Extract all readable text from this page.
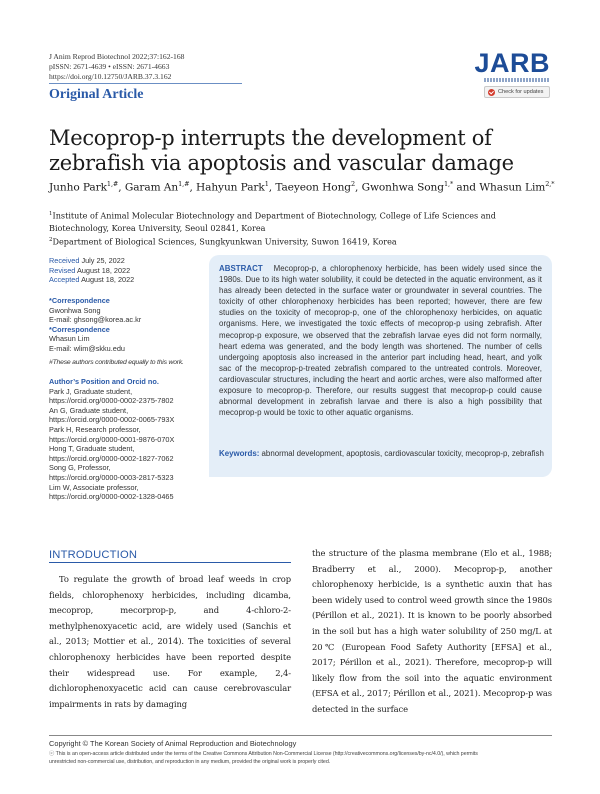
J Anim Reprod Biotechnol 2022;37:162-168
pISSN: 2671-4639 • eISSN: 2671-4663
https://doi.org/10.12750/JARB.37.3.162
Original Article
JARB
Check for updates
Mecoprop-p interrupts the development of
zebrafish via apoptosis and vascular damage
Junho Park$^{1,\#}$, Garam $An^{1,\#}$, Hahyun Park$^1$, Taeyeon Hong$^2$, Gwonhwa Song$^{1,*}$ and Whasun Lim$^{2,*}$
$^1$Institute of Animal Molecular Biotechnology and Department of Biotechnology, College of Life Sciences and
Biotechnology, Korea University, Seoul 02841, Korea
$^2$Department of Biological Sciences, Sungkyunkwan University, Suwon 16419, Korea
Received July 25, 2022
Revised August 18, 2022
Accepted August 18, 2022
*Correspondence
Gwonhwa Song
E-mail: ghsong@korea.ac.kr
*Correspondence
Whasun Lim
E-mail: wlim@skku.edu
#These authors contributed equally to this work.
Author’s Position and Orcid no.
Park J, Graduate student,
https://orcid.org/0000-0002-2375-7802
An G, Graduate student,
https://orcid.org/0000-0002-0065-793X
Park H, Research professor,
https://orcid.org/0000-0001-9876-070X
Hong T, Graduate student,
https://orcid.org/0000-0002-1827-7062
Song G, Professor,
https://orcid.org/0000-0003-2817-5323
Lim W, Associate professor,
https://orcid.org/0000-0002-1328-0465
ABSTRACT Mecoprop-p, a chlorophenoxy herbicide, has been widely used since the 1980s. Due to its high water solubility, it could be detected in the aquatic environment, as it has already been detected in the surface water or groundwater in several countries. The toxicity of other chlorophenoxy herbicides has been reported; however, there are few studies on the toxicity of mecoprop-p, one of the chlorophenoxy herbicides, on aquatic organisms. Here, we investigated the toxic effects of mecoprop-p using zebrafish. After mecoprop-p exposure, we observed that the zebrafish larvae eyes did not form normally, heart edema was generated, and the body length was shortened. The number of cells undergoing apoptosis also increased in the anterior part including head, heart, and yolk sac of the mecoprop-p-treated zebrafish compared to the untreated controls. Moreover, cardiovascular structures, including the heart and aortic arches, were also malformed after exposure to mecoprop-p. Therefore, our results suggest that mecoprop-p could cause abnormal development in zebrafish larvae and there is also a high possibility that mecoprop-p would be toxic to other aquatic organisms.
Keywords: abnormal development, apoptosis, cardiovascular toxicity, mecoprop-p, zebrafish
INTRODUCTION
To regulate the growth of broad leaf weeds in crop fields, chlorophenoxy herbicides, including dicamba, mecoprop, mecorprop-p, and 4-chloro-2-methylphenoxyacetic acid, are widely used (Sanchis et al., 2013; Mottier et al., 2014). The toxicities of several chlorophenoxy herbicides have been reported despite their widespread use. For example, 2,4-dichlorophenoxyacetic acid can cause cerebrovascular impairments in rats by damaging
the structure of the plasma membrane (Elo et al., 1988; Bradberry et al., 2000). Mecoprop-p, another chlorophenoxy herbicide, is a synthetic auxin that has been widely used to control weed growth since the 1980s (Périllon et al., 2021). It is known to be poorly absorbed in the soil but has a high water solubility of 250 mg/L at 20℃ (European Food Safety Authority [EFSA] et al., 2017; Périllon et al., 2021). Therefore, mecoprop-p will likely flow from the soil into the aquatic environment (EFSA et al., 2017; Périllon et al., 2021). Mecoprop-p was detected in the surface
Copyright © The Korean Society of Animal Reproduction and Biotechnology
ⓒ This is an open-access article distributed under the terms of the Creative Commons Attribution Non-Commercial License (http://creativecommons.org/licenses/by-nc/4.0/), which permits
unrestricted non-commercial use, distribution, and reproduction in any medium, provided the original work is properly cited.
